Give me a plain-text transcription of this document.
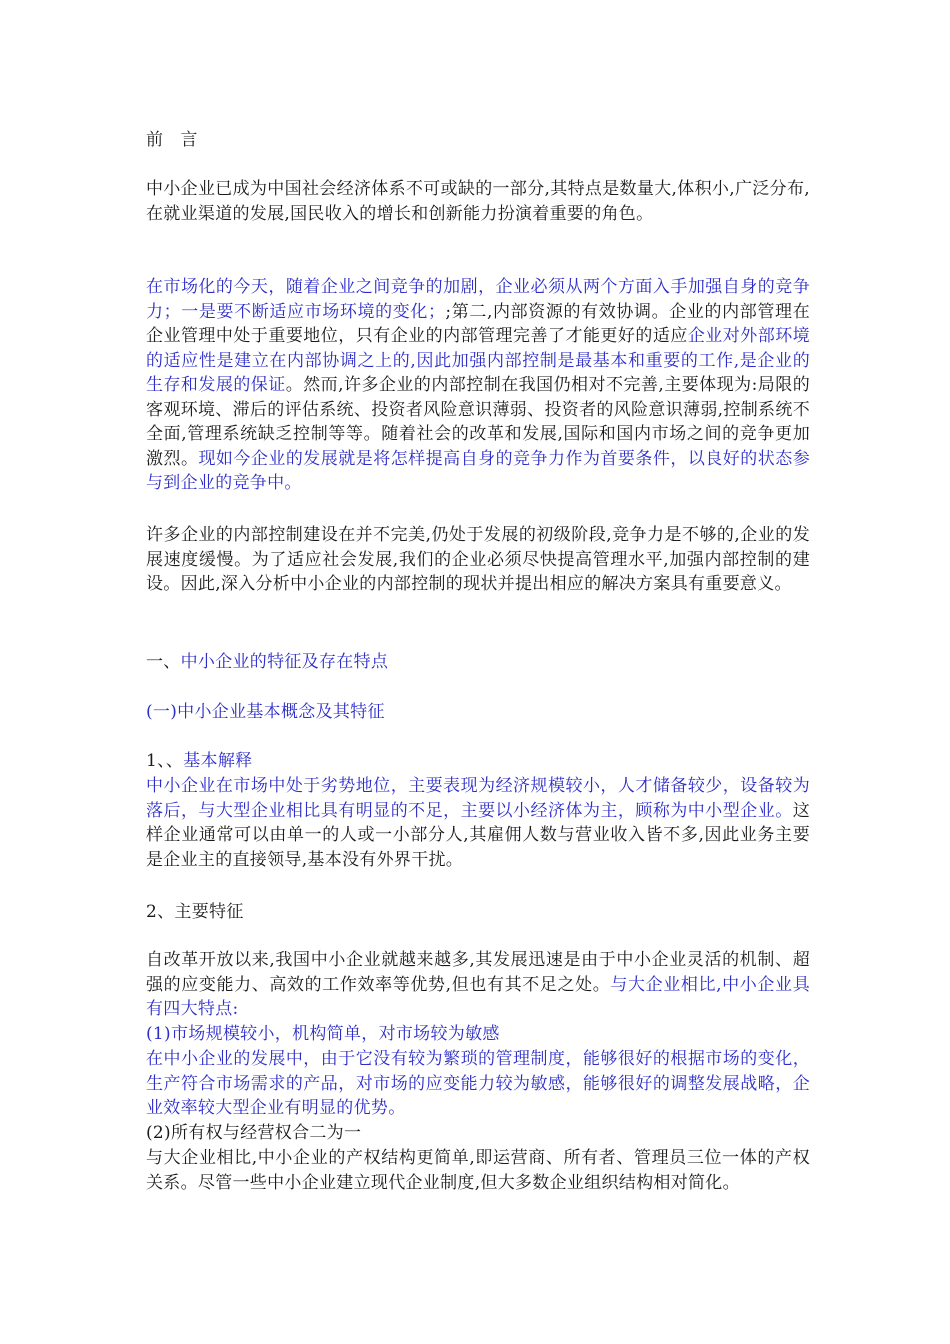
前 言
中小企业已成为中国社会经济体系不可或缺的一部分,其特点是数量大,体积小,广泛分布,在就业渠道的发展,国民收入的增长和创新能力扮演着重要的角色。
在市场化的今天，随着企业之间竞争的加剧，企业必须从两个方面入手加强自身的竞争力；一是要不断适应市场环境的变化；;第二,内部资源的有效协调。企业的内部管理在企业管理中处于重要地位，只有企业的内部管理完善了才能更好的适应企业对外部环境的适应性是建立在内部协调之上的,因此加强内部控制是最基本和重要的工作,是企业的生存和发展的保证。然而,许多企业的内部控制在我国仍相对不完善,主要体现为:局限的客观环境、滞后的评估系统、投资者风险意识薄弱、投资者的风险意识薄弱,控制系统不全面,管理系统缺乏控制等等。随着社会的改革和发展,国际和国内市场之间的竞争更加激烈。现如今企业的发展就是将怎样提高自身的竞争力作为首要条件，以良好的状态参与到企业的竞争中。
许多企业的内部控制建设在并不完美,仍处于发展的初级阶段,竞争力是不够的,企业的发展速度缓慢。为了适应社会发展,我们的企业必须尽快提高管理水平,加强内部控制的建设。因此,深入分析中小企业的内部控制的现状并提出相应的解决方案具有重要意义。
一、中小企业的特征及存在特点
(一)中小企业基本概念及其特征
1、、基本解释
中小企业在市场中处于劣势地位，主要表现为经济规模较小，人才储备较少，设备较为落后，与大型企业相比具有明显的不足，主要以小经济体为主，顾称为中小型企业。这样企业通常可以由单一的人或一小部分人,其雇佣人数与营业收入皆不多,因此业务主要是企业主的直接领导,基本没有外界干扰。
2、主要特征
自改革开放以来,我国中小企业就越来越多,其发展迅速是由于中小企业灵活的机制、超强的应变能力、高效的工作效率等优势,但也有其不足之处。与大企业相比,中小企业具有四大特点:
(1)市场规模较小，机构简单，对市场较为敏感
在中小企业的发展中，由于它没有较为繁琐的管理制度，能够很好的根据市场的变化，生产符合市场需求的产品，对市场的应变能力较为敏感，能够很好的调整发展战略，企业效率较大型企业有明显的优势。
(2)所有权与经营权合二为一
与大企业相比,中小企业的产权结构更简单,即运营商、所有者、管理员三位一体的产权关系。尽管一些中小企业建立现代企业制度,但大多数企业组织结构相对简化。
